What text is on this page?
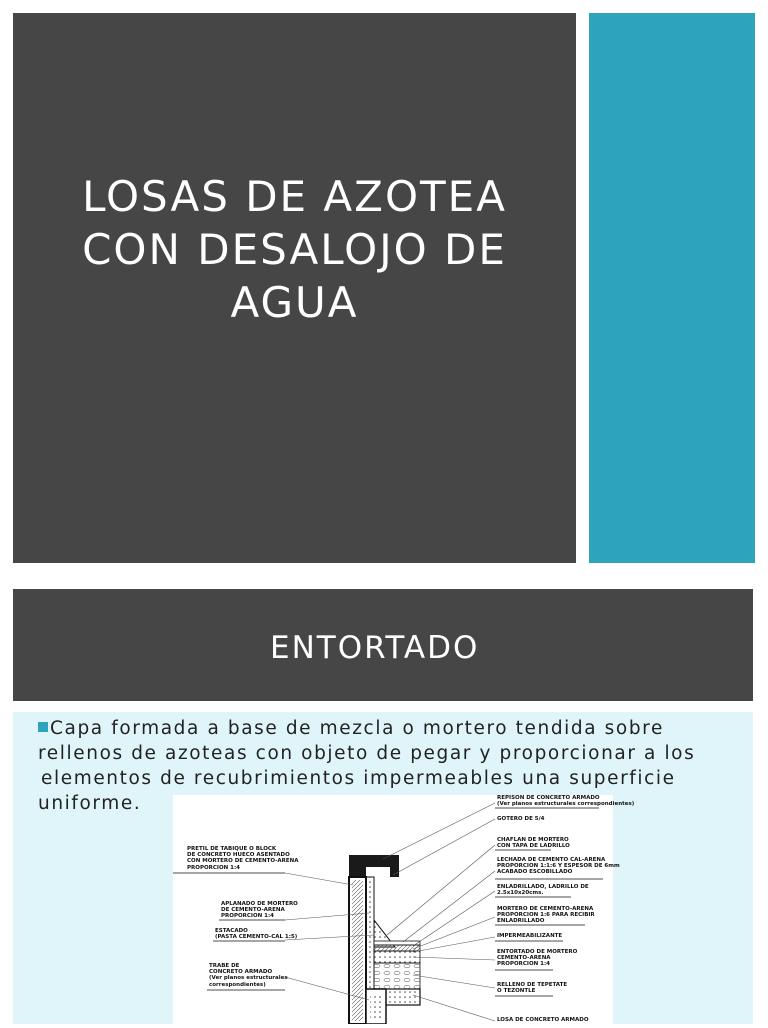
LOSAS DE AZOTEA
CON DESALOJO DE
AGUA
ENTORTADO
Capa formada a base de mezcla o mortero tendida sobre
rellenos de azoteas con objeto de pegar y proporcionar a los
elementos de recubrimientos impermeables una superficie
uniforme.	REPISON DE CONCRETO ARMADO
(Ver planos estructurales correspondientes)
GOTERO DE 5/4
CHAFLAN DE MORTERO
CON TAPA DE LADRILLO
LECHADA DE CEMENTO CAL-ARENA
PROPORCION 1:1:6 Y ESPESOR DE 6mm
ACABADO ESCOBILLADO
ENLADRILLADO, LADRILLO DE
2.5x10x20cms.
MORTERO DE CEMENTO-ARENA
PROPORCION 1:6 PARA RECIBIR
ENLADRILLADO
IMPERMEABILIZANTE
ENTORTADO DE MORTERO
CEMENTO-ARENA
PROPORCION 1:4
RELLENO DE TEPETATE
O TEZONTLE
LOSA DE CONCRETO ARMADO
PRETIL DE TABIQUE O BLOCK
DE CONCRETO HUECO ASENTADO
CON MORTERO DE CEMENTO-ARENA
PROPORCION 1:4
APLANADO DE MORTERO
DE CEMENTO-ARENA
PROPORCION 1:4
ESTACADO
(PASTA CEMENTO-CAL 1:5)
TRABE DE
CONCRETO ARMADO
(Ver planos estructurales
correspondientes)
